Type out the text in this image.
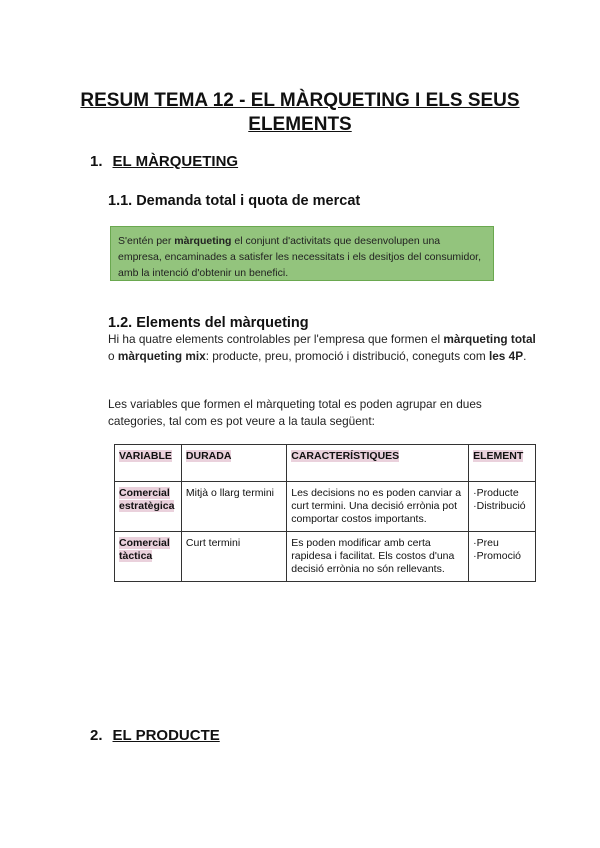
RESUM TEMA 12 - EL MÀRQUETING I ELS SEUS
ELEMENTS
1. EL MÀRQUETING
1.1. Demanda total i quota de mercat
S'entén per màrqueting el conjunt d'activitats que desenvolupen una empresa, encaminades a satisfer les necessitats i els desitjos del consumidor, amb la intenció d'obtenir un benefici.
1.2. Elements del màrqueting
Hi ha quatre elements controlables per l'empresa que formen el màrqueting total o màrqueting mix: producte, preu, promoció i distribució, coneguts com les 4P.
Les variables que formen el màrqueting total es poden agrupar en dues categories, tal com es pot veure a la taula següent:
VARIABLE	DURADA	CARACTERÍSTIQUES	ELEMENT
Comercial estratègica	Mitjà o llarg termini	Les decisions no es poden canviar a curt termini. Una decisió errònia pot comportar costos importants.	·Producte
·Distribució

Comercial tàctica	Curt termini	Es poden modificar amb certa rapidesa i facilitat. Els costos d'una decisió errònia no són rellevants.	·Preu
·Promoció
2. EL PRODUCTE
